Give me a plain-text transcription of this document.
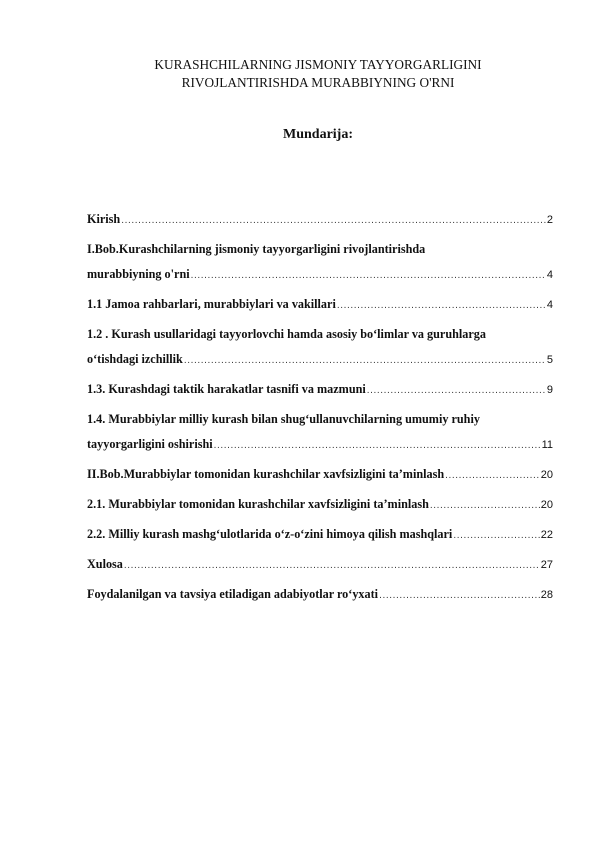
KURASHCHILARNING JISMONIY TAYYORGARLIGINI
RIVOJLANTIRISHDA MURABBIYNING O'RNI
Mundarija:
Kirish .....	2
I.Bob.Kurashchilarning jismoniy tayyorgarligini rivojlantirishda
murabbiyning o'rni .....	4
1.1 Jamoa rahbarlari, murabbiylari va vakillari .....	4
1.2 . Kurash usullaridagi tayyorlovchi hamda asosiy bo‘limlar va guruhlarga
o‘tishdagi izchillik .....	5
1.3. Kurashdagi taktik harakatlar tasnifi va mazmuni .....	9
1.4. Murabbiylar milliy kurash bilan shug‘ullanuvchilarning umumiy ruhiy
tayyorgarligini oshirishi .....	11
II.Bob.Murabbiylar tomonidan kurashchilar xavfsizligini ta’minlash .....	20
2.1. Murabbiylar tomonidan kurashchilar xavfsizligini ta’minlash .....	20
2.2. Milliy kurash mashg‘ulotlarida o‘z-o‘zini himoya qilish mashqlari .....	22
Xulosa .....	27
Foydalanilgan va tavsiya etiladigan adabiyotlar ro‘yxati .....	28
